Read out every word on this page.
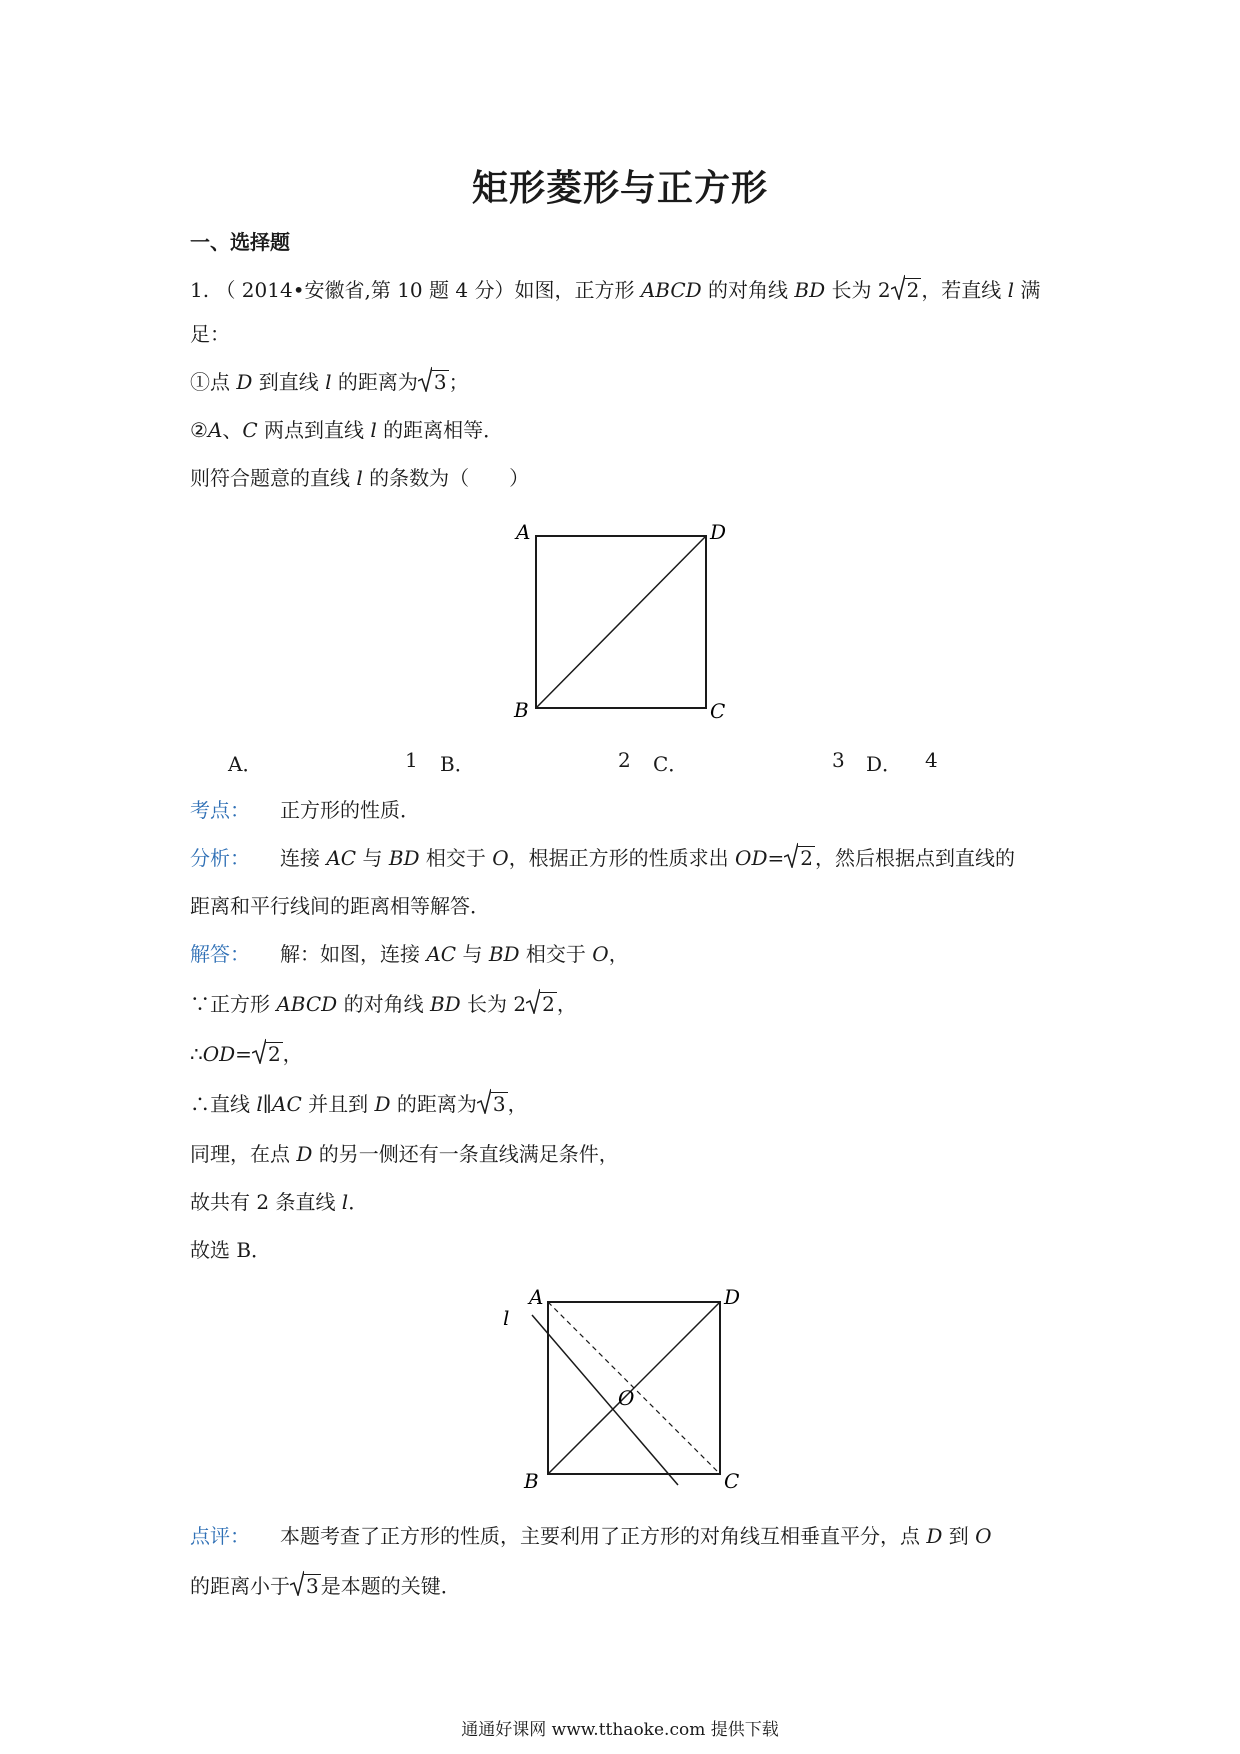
矩形菱形与正方形
一、选择题
1. （ 2014•安徽省,第 10 题 4 分）如图，正方形 ABCD 的对角线 BD 长为 2 2 ，若直线 l 满
足：
①点 D 到直线 l 的距离为 3 ；
②A、C 两点到直线 l 的距离相等．
则符合题意的直线 l 的条数为（　　）
A	D
B	C
A．	1 B．	2 C．	3 D． 4
考点： 正方形的性质．
分析： 连接 AC 与 BD 相交于 O，根据正方形的性质求出 OD= 2 ，然后根据点到直线的
距离和平行线间的距离相等解答．
解答： 解：如图，连接 AC 与 BD 相交于 O，
∵正方形 ABCD 的对角线 BD 长为 2 2 ，
∴OD= 2 ，
∴直线 l∥AC 并且到 D 的距离为 3 ，
同理，在点 D 的另一侧还有一条直线满足条件，
故共有 2 条直线 l．
故选 B．
A	D
B	C
O
l
点评： 本题考查了正方形的性质，主要利用了正方形的对角线互相垂直平分，点 D 到 O
的距离小于 3 是本题的关键．
通通好课网 www.tthaoke.com 提供下载
